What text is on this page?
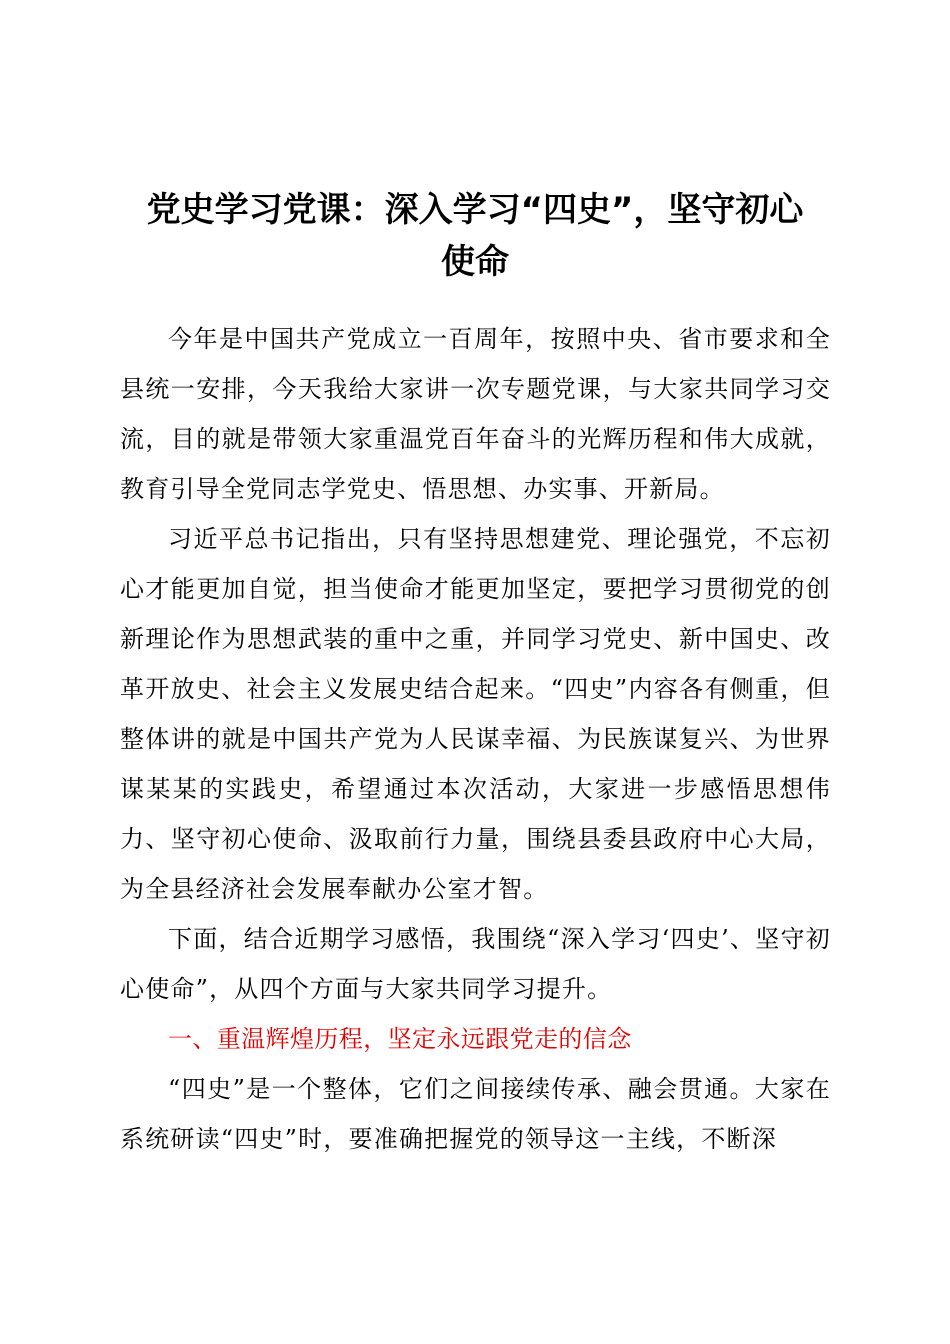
党史学习党课：深入学习“四史”，坚守初心
使命

今年是中国共产党成立一百周年，按照中央、省市要求和全县统一安排，今天我给大家讲一次专题党课，与大家共同学习交流，目的就是带领大家重温党百年奋斗的光辉历程和伟大成就，教育引导全党同志学党史、悟思想、办实事、开新局。

习近平总书记指出，只有坚持思想建党、理论强党，不忘初心才能更加自觉，担当使命才能更加坚定，要把学习贯彻党的创新理论作为思想武装的重中之重，并同学习党史、新中国史、改革开放史、社会主义发展史结合起来。“四史”内容各有侧重，但整体讲的就是中国共产党为人民谋幸福、为民族谋复兴、为世界谋某某的实践史，希望通过本次活动，大家进一步感悟思想伟力、坚守初心使命、汲取前行力量，围绕县委县政府中心大局，为全县经济社会发展奉献办公室才智。

下面，结合近期学习感悟，我围绕“深入学习‘四史’、坚守初心使命”，从四个方面与大家共同学习提升。

一、重温辉煌历程，坚定永远跟党走的信念

“四史”是一个整体，它们之间接续传承、融会贯通。大家在系统研读“四史”时，要准确把握党的领导这一主线，不断深
